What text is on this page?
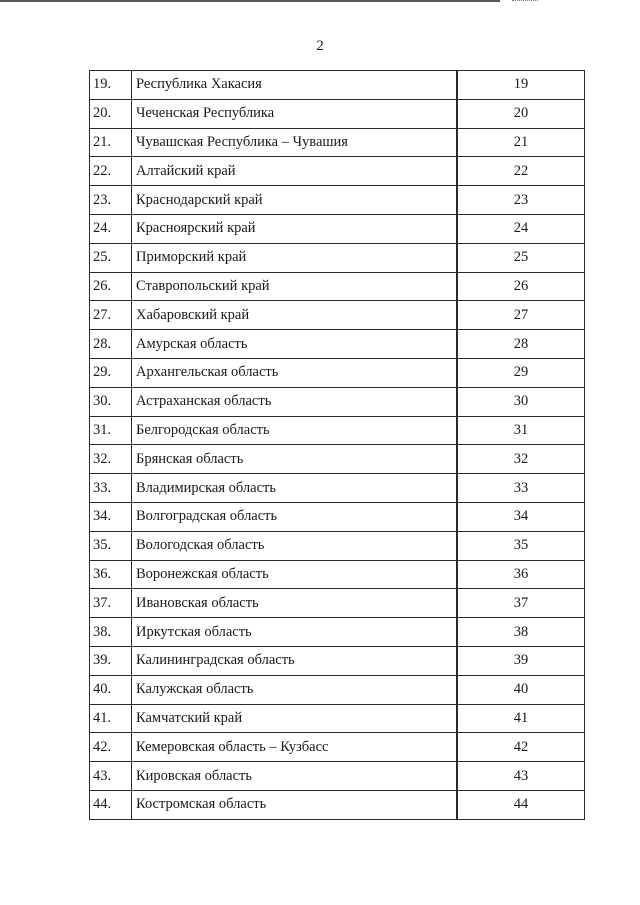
2
19.	Республика Хакасия	19
20.	Чеченская Республика	20
21.	Чувашская Республика – Чувашия	21
22.	Алтайский край	22
23.	Краснодарский край	23
24.	Красноярский край	24
25.	Приморский край	25
26.	Ставропольский край	26
27.	Хабаровский край	27
28.	Амурская область	28
29.	Архангельская область	29
30.	Астраханская область	30
31.	Белгородская область	31
32.	Брянская область	32
33.	Владимирская область	33
34.	Волгоградская область	34
35.	Вологодская область	35
36.	Воронежская область	36
37.	Ивановская область	37
38.	Иркутская область	38
39.	Калининградская область	39
40.	Калужская область	40
41.	Камчатский край	41
42.	Кемеровская область – Кузбасс	42
43.	Кировская область	43
44.	Костромская область	44
